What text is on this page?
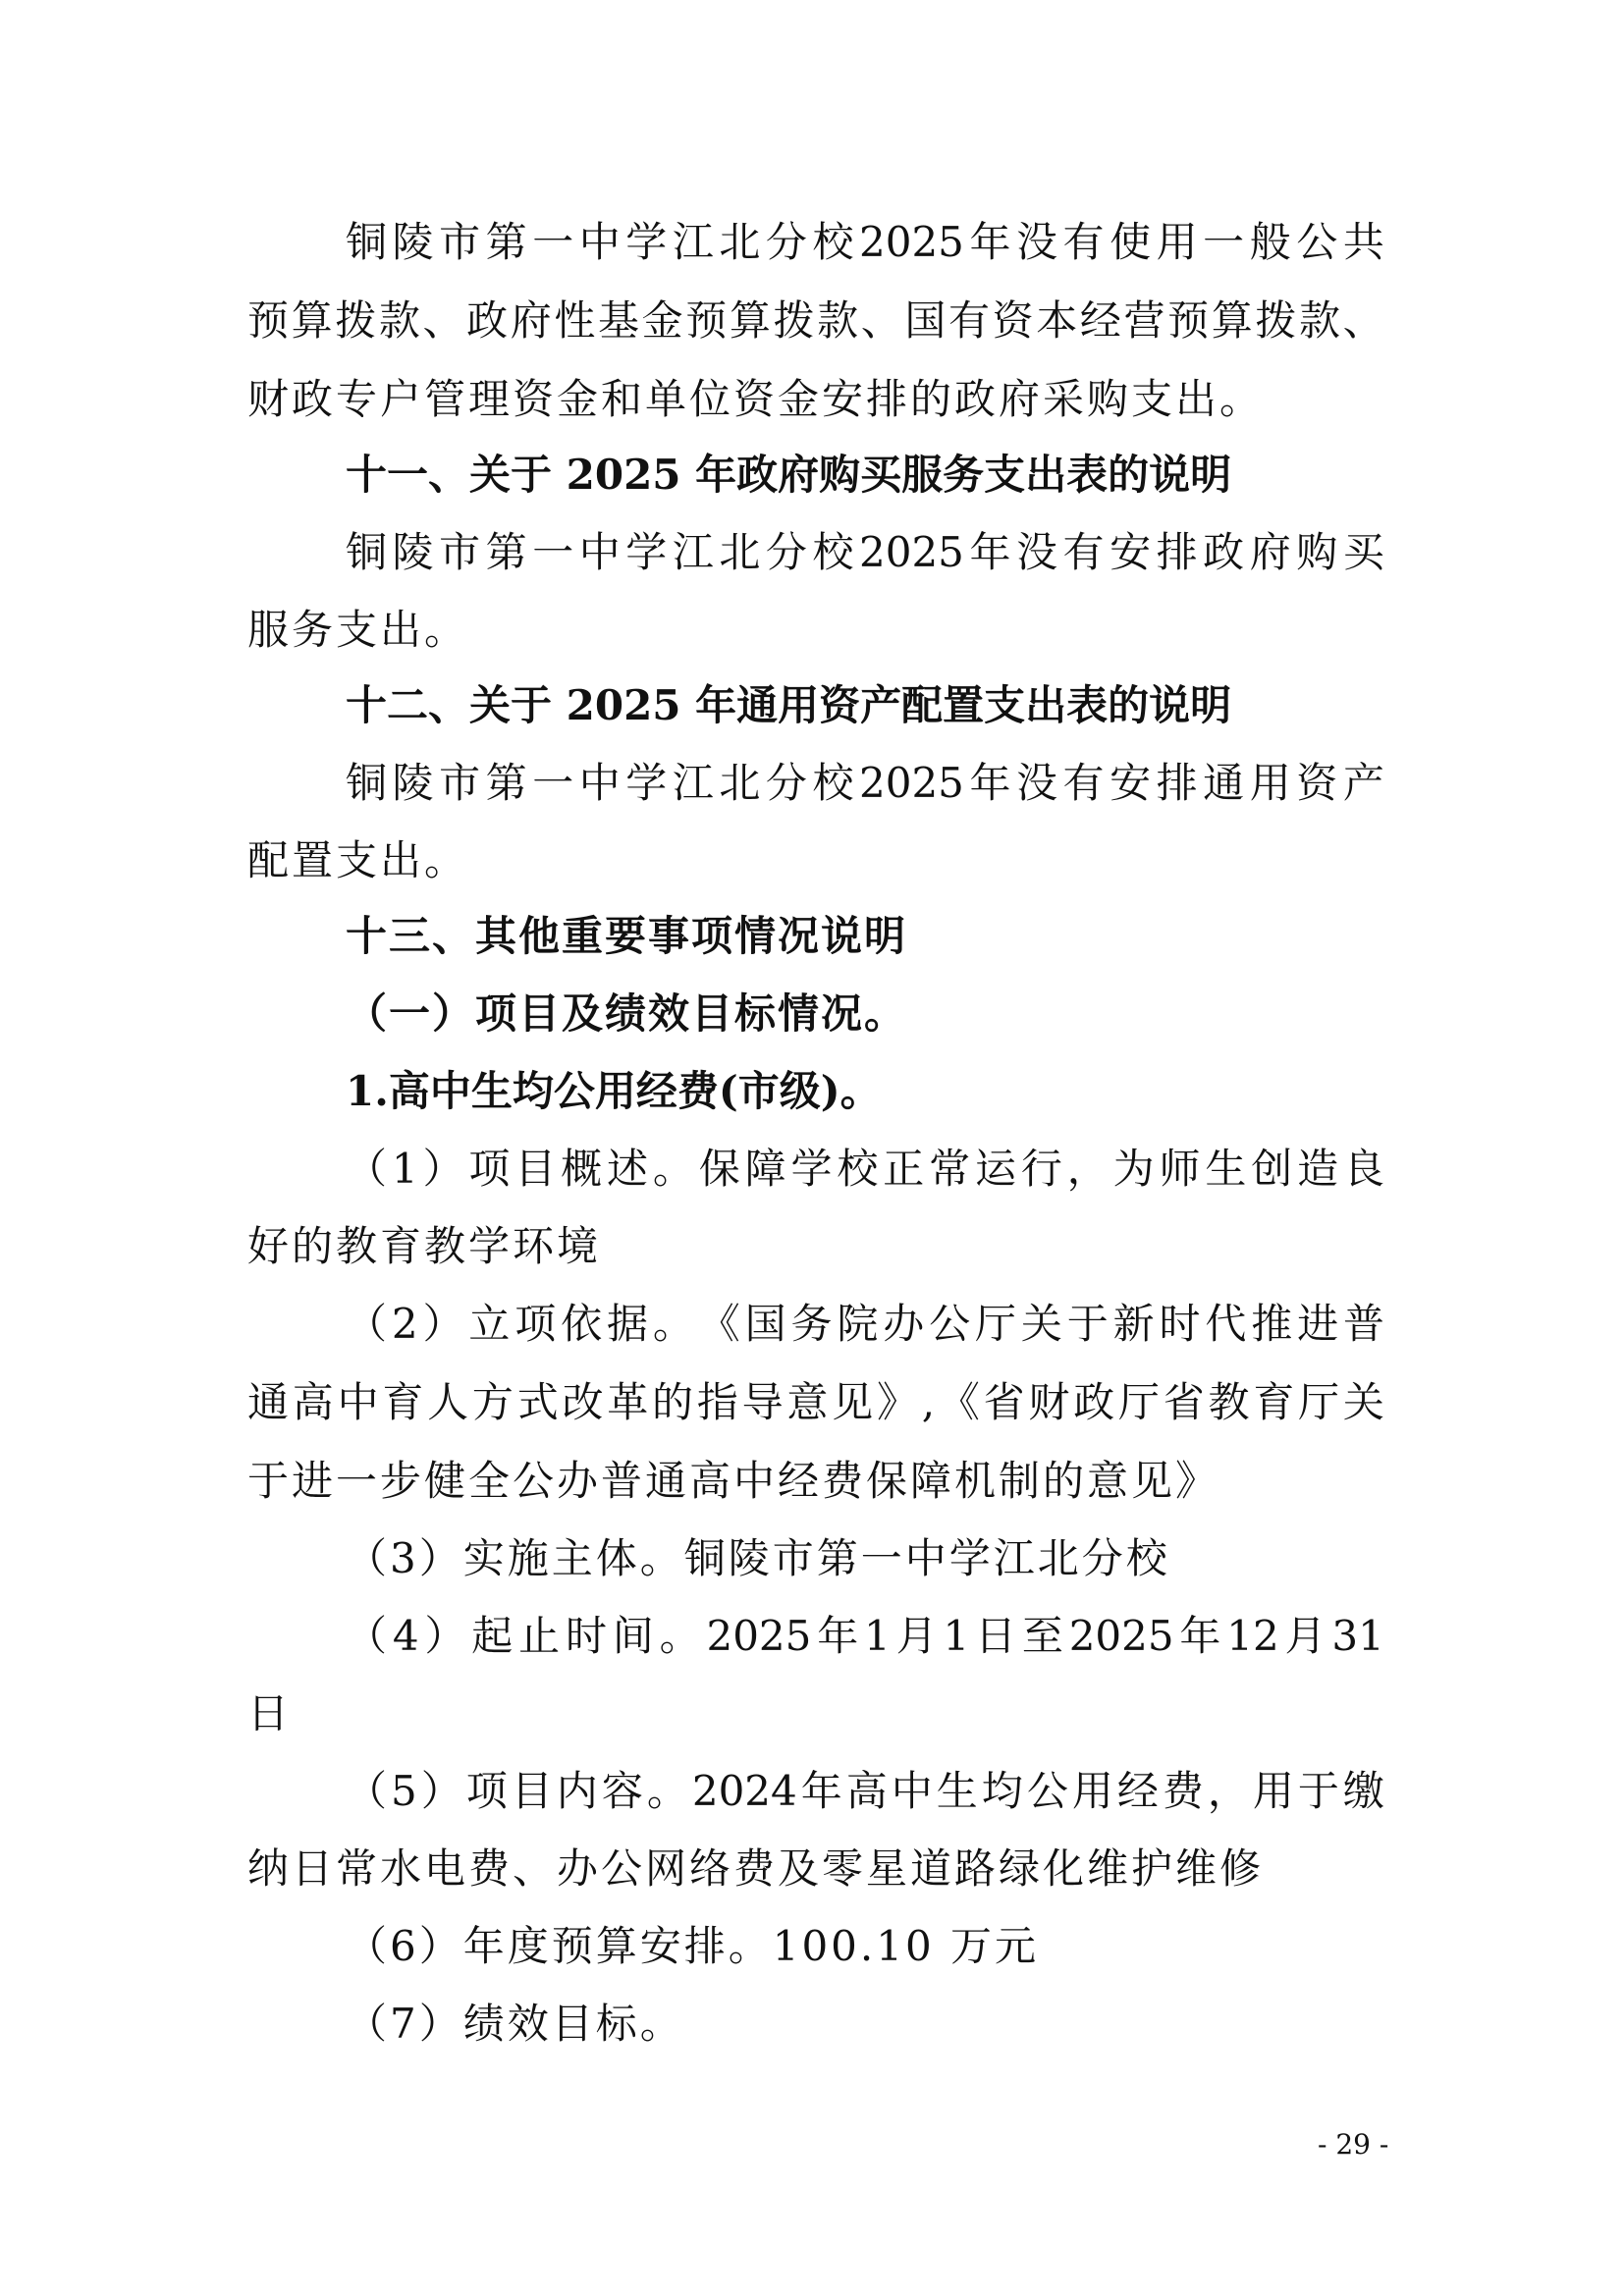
铜 陵 市 第 一 中 学 江 北 分 校 2025 年 没 有 使 用 一 般 公 共
预 算 拨 款 、 政 府 性 基 金 预 算 拨 款 、 国 有 资 本 经 营 预 算 拨 款 、
财政专户管理资金和单位资金安排的政府采购支出。
十一、关于 2025 年政府购买服务支出表的说明
铜 陵 市 第 一 中 学 江 北 分 校 2025 年 没 有 安 排 政 府 购 买
服务支出。
十二、关于 2025 年通用资产配置支出表的说明
铜 陵 市 第 一 中 学 江 北 分 校 2025 年 没 有 安 排 通 用 资 产
配置支出。
十三、其他重要事项情况说明
（一）项目及绩效目标情况。
1.高中生均公用经费(市级)。
（ 1 ） 项 目 概 述 。 保 障 学 校 正 常 运 行 ， 为 师 生 创 造 良
好的教育教学环境
（ 2 ） 立 项 依 据 。 《 国 务 院 办 公 厅 关 于 新 时 代 推 进 普
通 高 中 育 人 方 式 改 革 的 指 导 意 见 》 , 《 省 财 政 厅 省 教 育 厅 关
于进一步健全公办普通高中经费保障机制的意见》
（3）实施主体。铜陵市第一中学江北分校
（ 4 ） 起 止 时 间 。 2025 年 1 月 1 日 至 2025 年 12 月 31
日
（ 5 ） 项 目 内 容 。 2024 年 高 中 生 均 公 用 经 费 ， 用 于 缴
纳日常水电费、办公网络费及零星道路绿化维护维修
（6）年度预算安排。100.10 万元
（7）绩效目标。
- 29 -
